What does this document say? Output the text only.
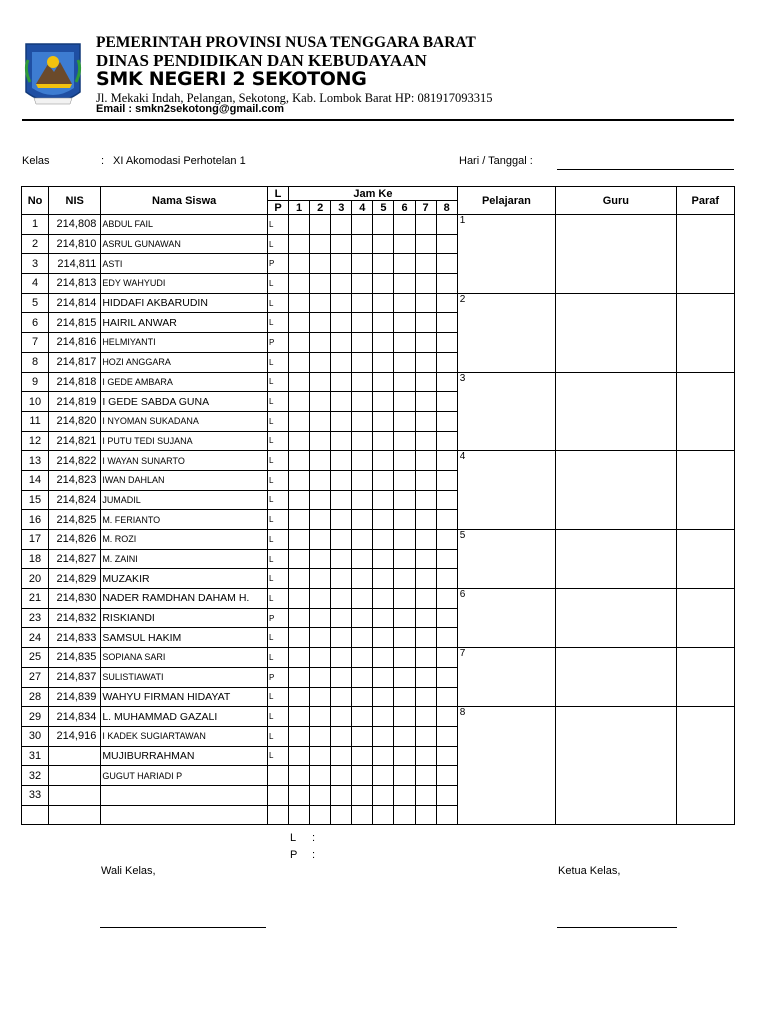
PEMERINTAH PROVINSI NUSA TENGGARA BARAT
DINAS PENDIDIKAN DAN KEBUDAYAAN
SMK NEGERI 2 SEKOTONG
Jl. Mekaki Indah, Pelangan, Sekotong, Kab. Lombok Barat HP: 081917093315
Email : smkn2sekotong@gmail.com
Kelas	: XI Akomodasi Perhotelan 1	Hari / Tanggal :
No	NIS	Nama Siswa	L	Jam Ke								Pelajaran	Guru	Paraf
			P	1	2	3	4	5	6	7	8			
1	214,808	ABDUL FAIL	L									1		
2	214,810	ASRUL GUNAWAN	L											
3	214,811	ASTI	P											
4	214,813	EDY WAHYUDI	L											
5	214,814	HIDDAFI AKBARUDIN	L									2		
6	214,815	HAIRIL ANWAR	L											
7	214,816	HELMIYANTI	P											
8	214,817	HOZI ANGGARA	L											
9	214,818	I GEDE AMBARA	L									3		
10	214,819	I GEDE SABDA GUNA	L											
11	214,820	I NYOMAN SUKADANA	L											
12	214,821	I PUTU TEDI SUJANA	L											
13	214,822	I WAYAN SUNARTO	L									4		
14	214,823	IWAN DAHLAN	L											
15	214,824	JUMADIL	L											
16	214,825	M. FERIANTO	L											
17	214,826	M. ROZI	L									5		
18	214,827	M. ZAINI	L											
20	214,829	MUZAKIR	L											
21	214,830	NADER RAMDHAN DAHAM H.	L									6		
23	214,832	RISKIANDI	P											
24	214,833	SAMSUL HAKIM	L											
25	214,835	SOPIANA SARI	L									7		
27	214,837	SULISTIAWATI	P											
28	214,839	WAHYU FIRMAN HIDAYAT	L											
29	214,834	L. MUHAMMAD GAZALI	L									8		
30	214,916	I KADEK SUGIARTAWAN	L											
31		MUJIBURRAHMAN	L											
32		GUGUT HARIADI P												
33														

L :
P :
Wali Kelas,	Ketua Kelas,
